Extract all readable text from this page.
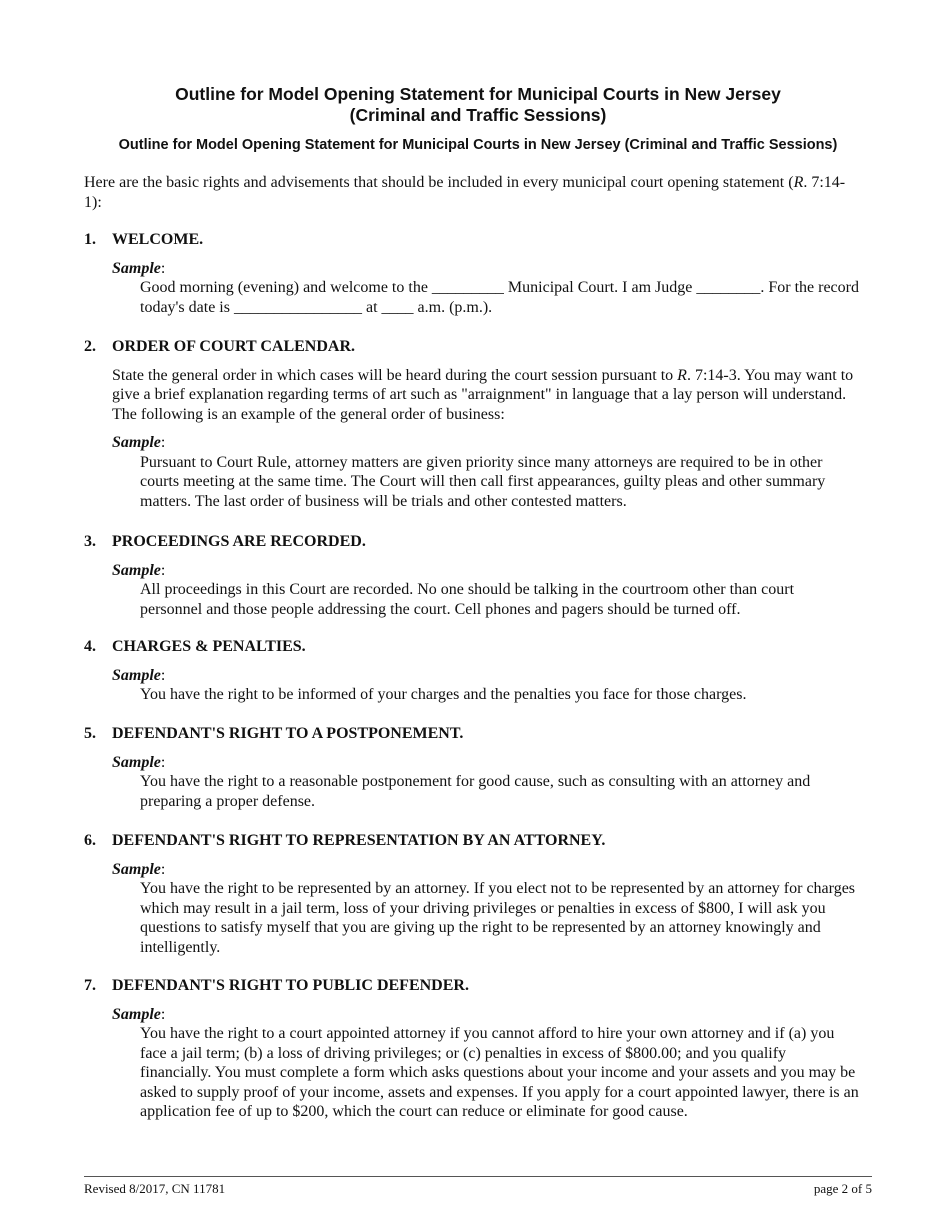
Outline for Model Opening Statement for Municipal Courts in New Jersey
(Criminal and Traffic Sessions)
Outline for Model Opening Statement for Municipal Courts in New Jersey (Criminal and Traffic Sessions)
Here are the basic rights and advisements that should be included in every municipal court opening statement (R. 7:14-1):
1. WELCOME.
Sample:
Good morning (evening) and welcome to the _________ Municipal Court. I am Judge ________. For the record today's date is ________________ at ____ a.m. (p.m.).
2. ORDER OF COURT CALENDAR.
State the general order in which cases will be heard during the court session pursuant to R. 7:14-3. You may want to give a brief explanation regarding terms of art such as "arraignment" in language that a lay person will understand. The following is an example of the general order of business:
Sample:
Pursuant to Court Rule, attorney matters are given priority since many attorneys are required to be in other courts meeting at the same time. The Court will then call first appearances, guilty pleas and other summary matters. The last order of business will be trials and other contested matters.
3. PROCEEDINGS ARE RECORDED.
Sample:
All proceedings in this Court are recorded. No one should be talking in the courtroom other than court personnel and those people addressing the court. Cell phones and pagers should be turned off.
4. CHARGES & PENALTIES.
Sample:
You have the right to be informed of your charges and the penalties you face for those charges.
5. DEFENDANT'S RIGHT TO A POSTPONEMENT.
Sample:
You have the right to a reasonable postponement for good cause, such as consulting with an attorney and preparing a proper defense.
6. DEFENDANT'S RIGHT TO REPRESENTATION BY AN ATTORNEY.
Sample:
You have the right to be represented by an attorney. If you elect not to be represented by an attorney for charges which may result in a jail term, loss of your driving privileges or penalties in excess of $800, I will ask you questions to satisfy myself that you are giving up the right to be represented by an attorney knowingly and intelligently.
7. DEFENDANT'S RIGHT TO PUBLIC DEFENDER.
Sample:
You have the right to a court appointed attorney if you cannot afford to hire your own attorney and if (a) you face a jail term; (b) a loss of driving privileges; or (c) penalties in excess of $800.00; and you qualify financially. You must complete a form which asks questions about your income and your assets and you may be asked to supply proof of your income, assets and expenses. If you apply for a court appointed lawyer, there is an application fee of up to $200, which the court can reduce or eliminate for good cause.
Revised 8/2017, CN 11781	page 2 of 5
